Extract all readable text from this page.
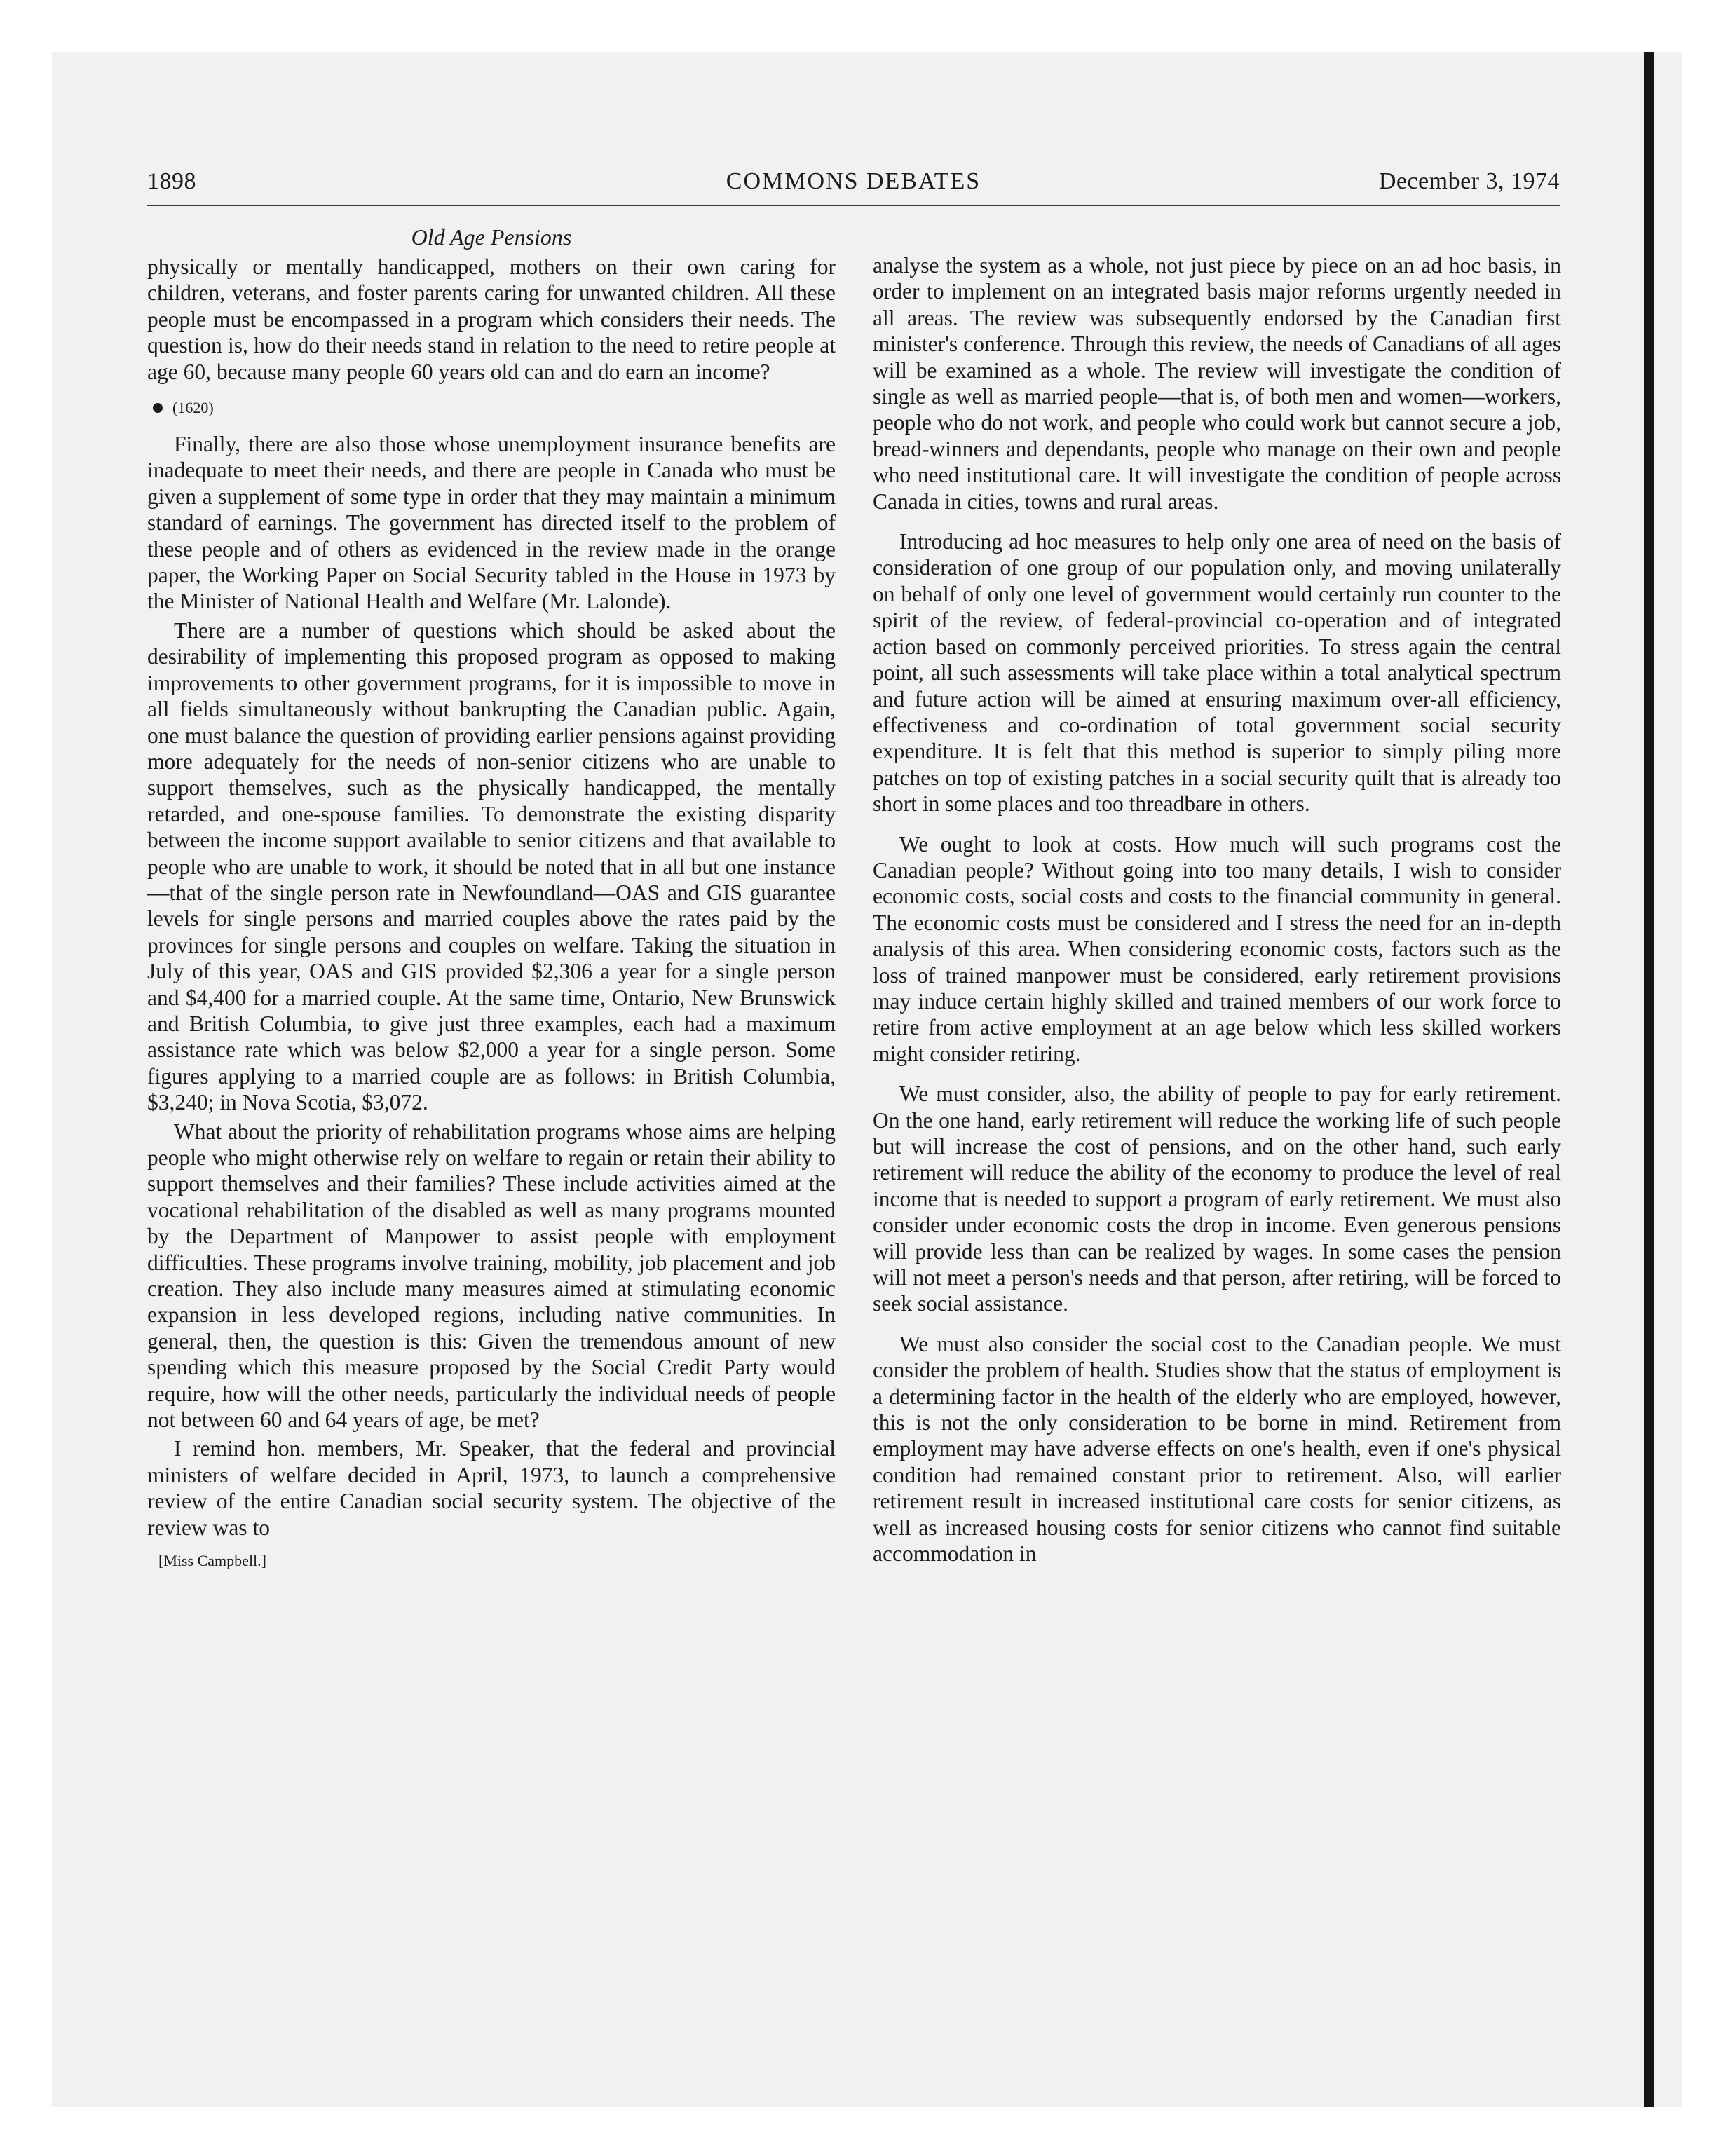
1898	COMMONS DEBATES	December 3, 1974
Old Age Pensions

physically or mentally handicapped, mothers on their own caring for children, veterans, and foster parents caring for unwanted children. All these people must be encompassed in a program which considers their needs. The question is, how do their needs stand in relation to the need to retire people at age 60, because many people 60 years old can and do earn an income?

(1620)

Finally, there are also those whose unemployment insurance benefits are inadequate to meet their needs, and there are people in Canada who must be given a supplement of some type in order that they may maintain a minimum standard of earnings. The government has directed itself to the problem of these people and of others as evidenced in the review made in the orange paper, the Working Paper on Social Security tabled in the House in 1973 by the Minister of National Health and Welfare (Mr. Lalonde).

There are a number of questions which should be asked about the desirability of implementing this proposed program as opposed to making improvements to other government programs, for it is impossible to move in all fields simultaneously without bankrupting the Canadian public. Again, one must balance the question of providing earlier pensions against providing more adequately for the needs of non-senior citizens who are unable to support themselves, such as the physically handicapped, the mentally retarded, and one-spouse families. To demonstrate the existing disparity between the income support available to senior citizens and that available to people who are unable to work, it should be noted that in all but one instance—that of the single person rate in Newfoundland—OAS and GIS guarantee levels for single persons and married couples above the rates paid by the provinces for single persons and couples on welfare. Taking the situation in July of this year, OAS and GIS provided $2,306 a year for a single person and $4,400 for a married couple. At the same time, Ontario, New Brunswick and British Columbia, to give just three examples, each had a maximum assistance rate which was below $2,000 a year for a single person. Some figures applying to a married couple are as follows: in British Columbia, $3,240; in Nova Scotia, $3,072.

What about the priority of rehabilitation programs whose aims are helping people who might otherwise rely on welfare to regain or retain their ability to support themselves and their families? These include activities aimed at the vocational rehabilitation of the disabled as well as many programs mounted by the Department of Manpower to assist people with employment difficulties. These programs involve training, mobility, job placement and job creation. They also include many measures aimed at stimulating economic expansion in less developed regions, including native communities. In general, then, the question is this: Given the tremendous amount of new spending which this measure proposed by the Social Credit Party would require, how will the other needs, particularly the individual needs of people not between 60 and 64 years of age, be met?

I remind hon. members, Mr. Speaker, that the federal and provincial ministers of welfare decided in April, 1973, to launch a comprehensive review of the entire Canadian social security system. The objective of the review was to

[Miss Campbell.]

analyse the system as a whole, not just piece by piece on an ad hoc basis, in order to implement on an integrated basis major reforms urgently needed in all areas. The review was subsequently endorsed by the Canadian first minister's conference. Through this review, the needs of Canadians of all ages will be examined as a whole. The review will investigate the condition of single as well as married people—that is, of both men and women—workers, people who do not work, and people who could work but cannot secure a job, bread-winners and dependants, people who manage on their own and people who need institutional care. It will investigate the condition of people across Canada in cities, towns and rural areas.

Introducing ad hoc measures to help only one area of need on the basis of consideration of one group of our population only, and moving unilaterally on behalf of only one level of government would certainly run counter to the spirit of the review, of federal-provincial co-operation and of integrated action based on commonly perceived priorities. To stress again the central point, all such assessments will take place within a total analytical spectrum and future action will be aimed at ensuring maximum over-all efficiency, effectiveness and co-ordination of total government social security expenditure. It is felt that this method is superior to simply piling more patches on top of existing patches in a social security quilt that is already too short in some places and too threadbare in others.

We ought to look at costs. How much will such programs cost the Canadian people? Without going into too many details, I wish to consider economic costs, social costs and costs to the financial community in general. The economic costs must be considered and I stress the need for an in-depth analysis of this area. When considering economic costs, factors such as the loss of trained manpower must be considered, early retirement provisions may induce certain highly skilled and trained members of our work force to retire from active employment at an age below which less skilled workers might consider retiring.

We must consider, also, the ability of people to pay for early retirement. On the one hand, early retirement will reduce the working life of such people but will increase the cost of pensions, and on the other hand, such early retirement will reduce the ability of the economy to produce the level of real income that is needed to support a program of early retirement. We must also consider under economic costs the drop in income. Even generous pensions will provide less than can be realized by wages. In some cases the pension will not meet a person's needs and that person, after retiring, will be forced to seek social assistance.

We must also consider the social cost to the Canadian people. We must consider the problem of health. Studies show that the status of employment is a determining factor in the health of the elderly who are employed, however, this is not the only consideration to be borne in mind. Retirement from employment may have adverse effects on one's health, even if one's physical condition had remained constant prior to retirement. Also, will earlier retirement result in increased institutional care costs for senior citizens, as well as increased housing costs for senior citizens who cannot find suitable accommodation in
